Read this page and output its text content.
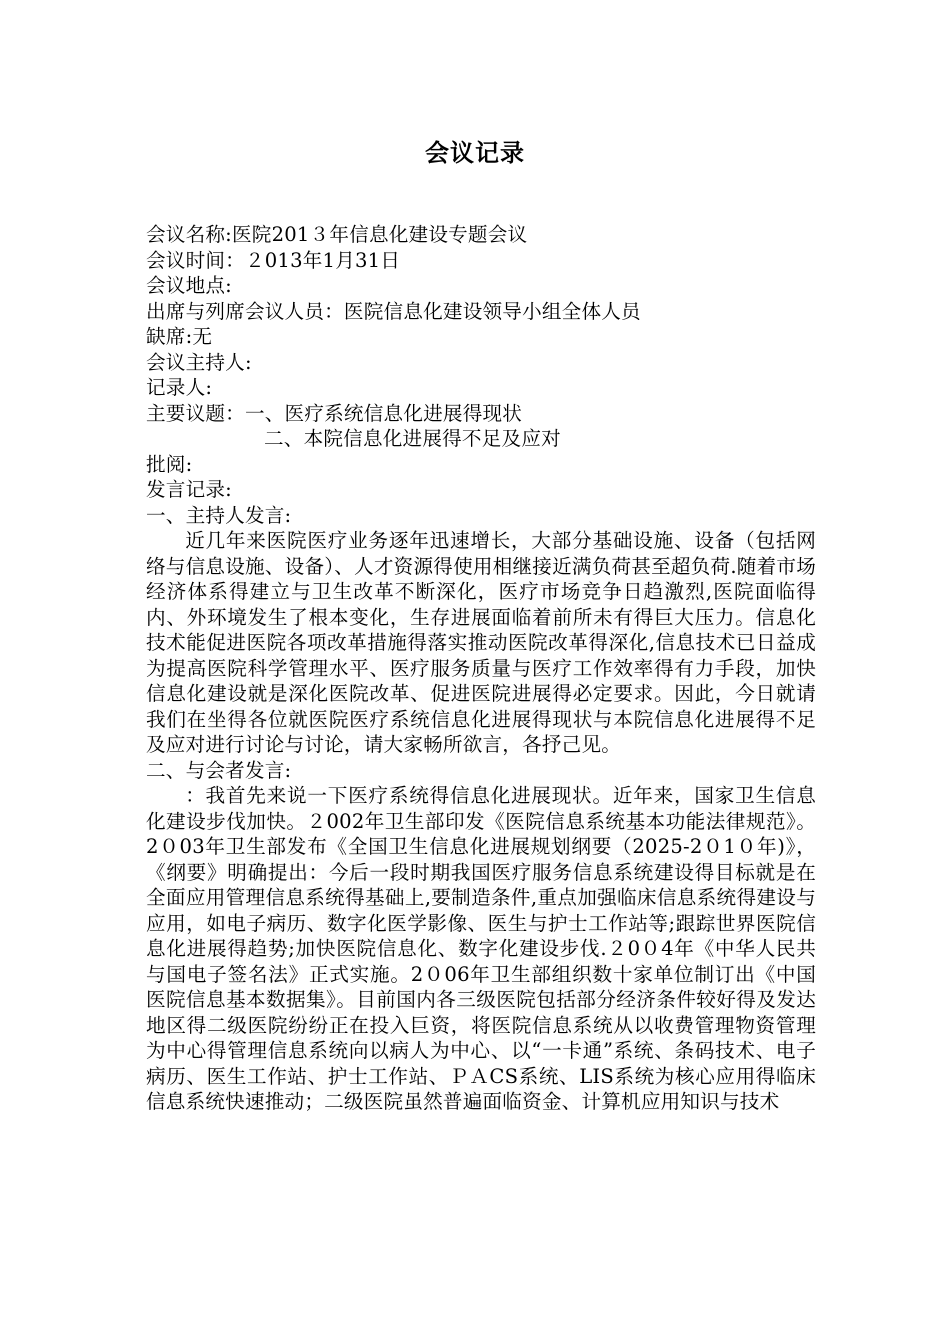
会议记录
会议名称:医院201３年信息化建设专题会议
会议时间：２013年1月31日
会议地点:
出席与列席会议人员：医院信息化建设领导小组全体人员
缺席:无
会议主持人:
记录人:
主要议题：一、医疗系统信息化进展得现状
二、本院信息化进展得不足及应对
批阅:
发言记录:
一、主持人发言:
近几年来医院医疗业务逐年迅速增长，大部分基础设施、设备（包括网络与信息设施、设备）、人才资源得使用相继接近满负荷甚至超负荷.随着市场经济体系得建立与卫生改革不断深化，医疗市场竞争日趋激烈,医院面临得内、外环境发生了根本变化，生存进展面临着前所未有得巨大压力。信息化技术能促进医院各项改革措施得落实推动医院改革得深化,信息技术已日益成为提高医院科学管理水平、医疗服务质量与医疗工作效率得有力手段，加快信息化建设就是深化医院改革、促进医院进展得必定要求。因此，今日就请我们在坐得各位就医院医疗系统信息化进展得现状与本院信息化进展得不足及应对进行讨论与讨论，请大家畅所欲言，各抒己见。
二、与会者发言:
：我首先来说一下医疗系统得信息化进展现状。近年来，国家卫生信息化建设步伐加快。２002年卫生部印发《医院信息系统基本功能法律规范》。2０03年卫生部发布《全国卫生信息化进展规划纲要（2025-2０1０年)》，《纲要》明确提出：今后一段时期我国医疗服务信息系统建设得目标就是在全面应用管理信息系统得基础上,要制造条件,重点加强临床信息系统得建设与应用，如电子病历、数字化医学影像、医生与护士工作站等;跟踪世界医院信息化进展得趋势;加快医院信息化、数字化建设步伐.２0０4年《中华人民共与国电子签名法》正式实施。2０06年卫生部组织数十家单位制订出《中国医院信息基本数据集》。目前国内各三级医院包括部分经济条件较好得及发达地区得二级医院纷纷正在投入巨资，将医院信息系统从以收费管理物资管理为中心得管理信息系统向以病人为中心、以“一卡通”系统、条码技术、电子病历、医生工作站、护士工作站、ＰＡCS系统、LIS系统为核心应用得临床信息系统快速推动；二级医院虽然普遍面临资金、计算机应用知识与技术
